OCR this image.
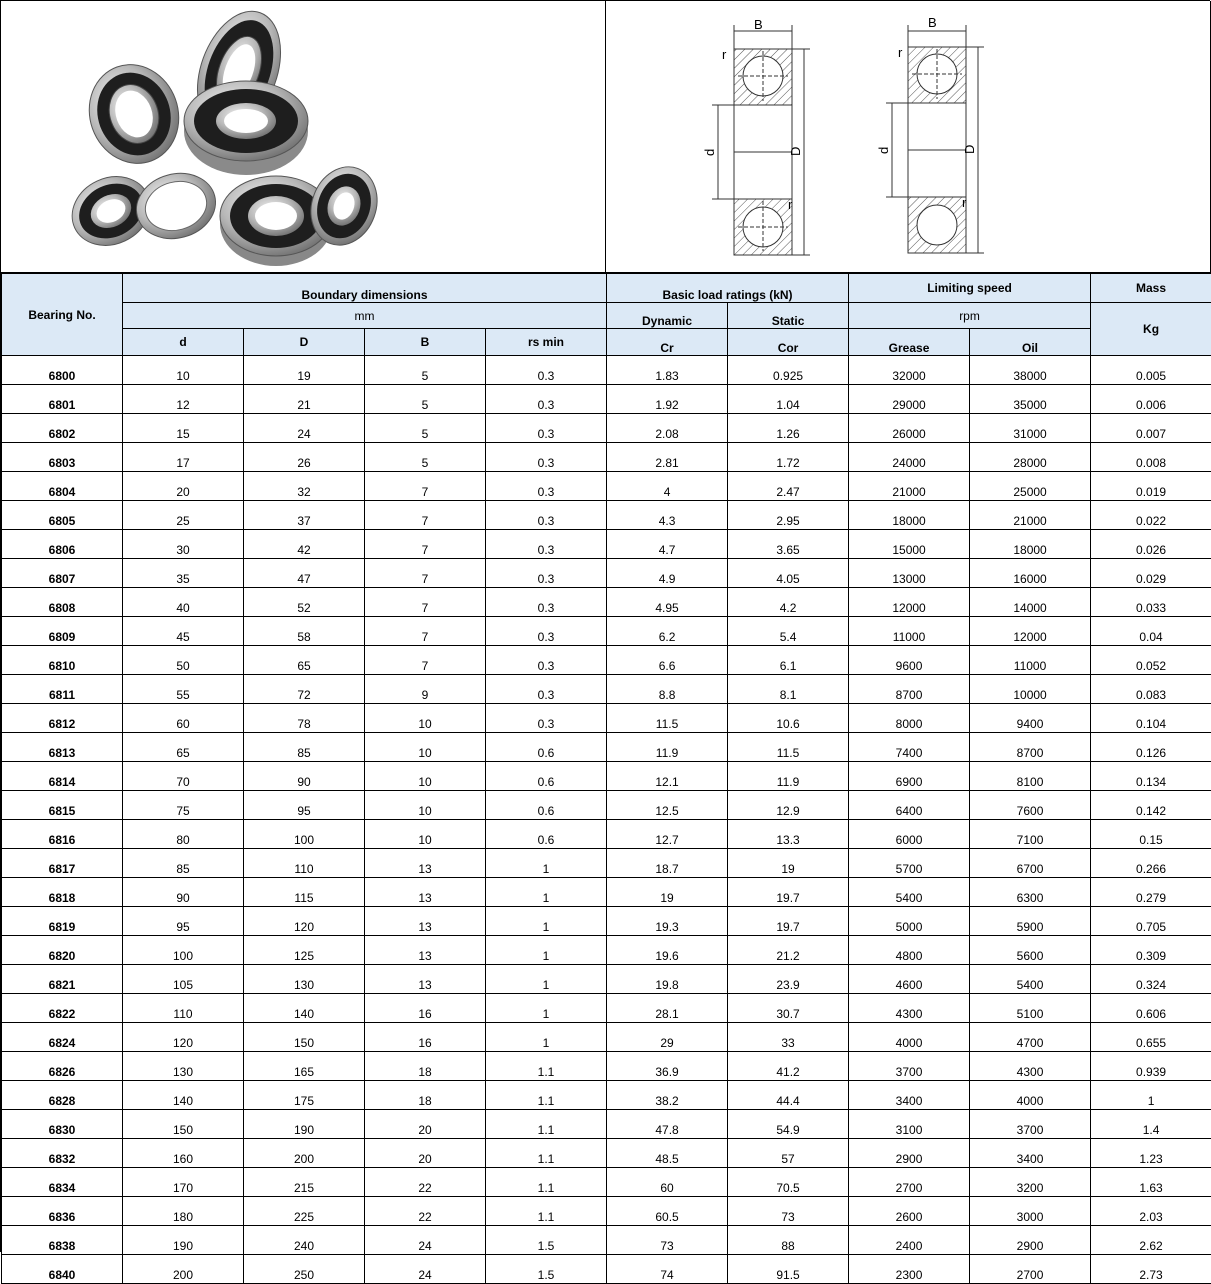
B
r
r
d	D
B
r
r
d	D
Bearing No.	Boundary dimensions				Basic load ratings (kN)		Limiting speed		Mass
	mm				Dynamic	Static	rpm		Kg
	d	D	B	rs min	Cr	Cor	Grease	Oil	
6800	10	19	5	0.3	1.83	0.925	32000	38000	0.005
6801	12	21	5	0.3	1.92	1.04	29000	35000	0.006
6802	15	24	5	0.3	2.08	1.26	26000	31000	0.007
6803	17	26	5	0.3	2.81	1.72	24000	28000	0.008
6804	20	32	7	0.3	4	2.47	21000	25000	0.019
6805	25	37	7	0.3	4.3	2.95	18000	21000	0.022
6806	30	42	7	0.3	4.7	3.65	15000	18000	0.026
6807	35	47	7	0.3	4.9	4.05	13000	16000	0.029
6808	40	52	7	0.3	4.95	4.2	12000	14000	0.033
6809	45	58	7	0.3	6.2	5.4	11000	12000	0.04
6810	50	65	7	0.3	6.6	6.1	9600	11000	0.052
6811	55	72	9	0.3	8.8	8.1	8700	10000	0.083
6812	60	78	10	0.3	11.5	10.6	8000	9400	0.104
6813	65	85	10	0.6	11.9	11.5	7400	8700	0.126
6814	70	90	10	0.6	12.1	11.9	6900	8100	0.134
6815	75	95	10	0.6	12.5	12.9	6400	7600	0.142
6816	80	100	10	0.6	12.7	13.3	6000	7100	0.15
6817	85	110	13	1	18.7	19	5700	6700	0.266
6818	90	115	13	1	19	19.7	5400	6300	0.279
6819	95	120	13	1	19.3	19.7	5000	5900	0.705
6820	100	125	13	1	19.6	21.2	4800	5600	0.309
6821	105	130	13	1	19.8	23.9	4600	5400	0.324
6822	110	140	16	1	28.1	30.7	4300	5100	0.606
6824	120	150	16	1	29	33	4000	4700	0.655
6826	130	165	18	1.1	36.9	41.2	3700	4300	0.939
6828	140	175	18	1.1	38.2	44.4	3400	4000	1
6830	150	190	20	1.1	47.8	54.9	3100	3700	1.4
6832	160	200	20	1.1	48.5	57	2900	3400	1.23
6834	170	215	22	1.1	60	70.5	2700	3200	1.63
6836	180	225	22	1.1	60.5	73	2600	3000	2.03
6838	190	240	24	1.5	73	88	2400	2900	2.62
6840	200	250	24	1.5	74	91.5	2300	2700	2.73
